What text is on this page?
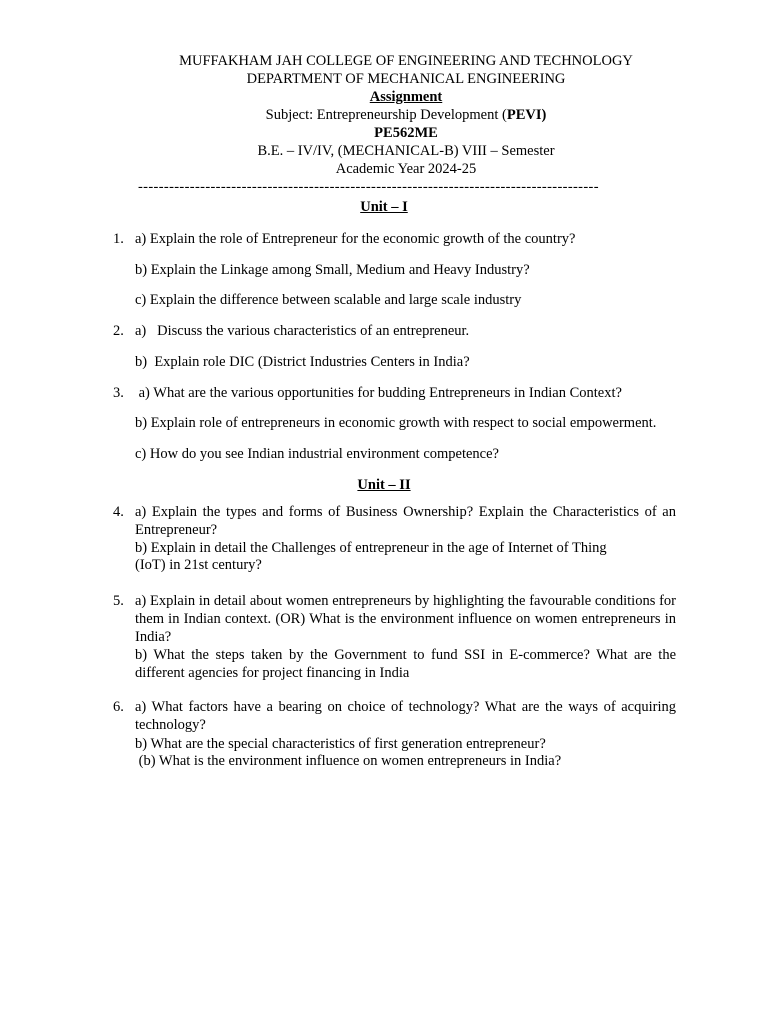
MUFFAKHAM JAH COLLEGE OF ENGINEERING AND TECHNOLOGY
DEPARTMENT OF MECHANICAL ENGINEERING
Assignment
Subject: Entrepreneurship Development (PEVI)
PE562ME
B.E. – IV/IV, (MECHANICAL-B) VIII – Semester
Academic Year 2024-25
-----------------------------------------------------------------------------------------
Unit – I
1. a) Explain the role of Entrepreneur for the economic growth of the country?
b) Explain the Linkage among Small, Medium and Heavy Industry?
c) Explain the difference between scalable and large scale industry
2. a)   Discuss the various characteristics of an entrepreneur.
b)  Explain role DIC (District Industries Centers in India?
3. a) What are the various opportunities for budding Entrepreneurs in Indian Context?
b) Explain role of entrepreneurs in economic growth with respect to social empowerment.
c) How do you see Indian industrial environment competence?
Unit – II
4. a) Explain the types and forms of Business Ownership? Explain the Characteristics of an Entrepreneur?
b) Explain in detail the Challenges of entrepreneur in the age of Internet of Thing
(IoT) in 21st century?
5. a) Explain in detail about women entrepreneurs by highlighting the favourable conditions for them in Indian context. (OR) What is the environment influence on women entrepreneurs in India?
b) What the steps taken by the Government to fund SSI in E-commerce? What are the different agencies for project financing in India
6. a) What factors have a bearing on choice of technology? What are the ways of acquiring technology?
b) What are the special characteristics of first generation entrepreneur?
(b) What is the environment influence on women entrepreneurs in India?
